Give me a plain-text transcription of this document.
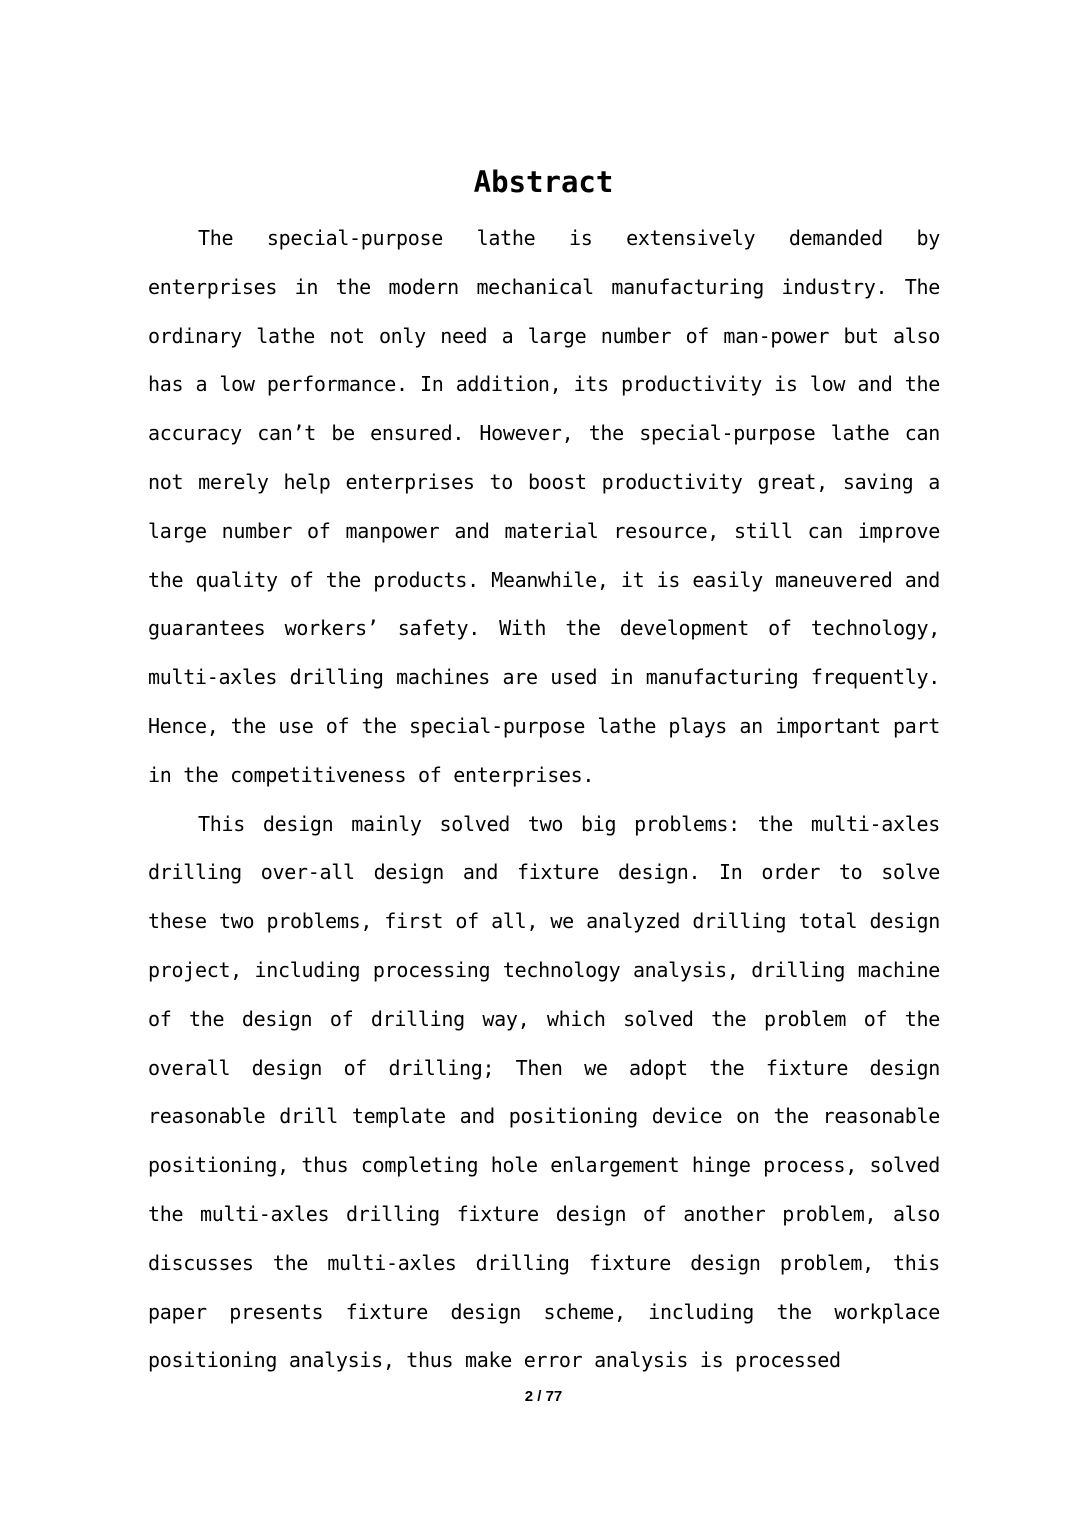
Abstract

The special-purpose lathe is extensively demanded by enterprises in the modern mechanical manufacturing industry. The ordinary lathe not only need a large number of man-power but also has a low performance. In addition, its productivity is low and the accuracy can’t be ensured. However, the special-purpose lathe can not merely help enterprises to boost productivity great, saving a large number of manpower and material resource, still can improve the quality of the products. Meanwhile, it is easily maneuvered and guarantees workers’ safety. With the development of technology, multi-axles drilling machines are used in manufacturing frequently. Hence, the use of the special-purpose lathe plays an important part in the competitiveness of enterprises.

This design mainly solved two big problems: the multi-axles drilling over-all design and fixture design. In order to solve these two problems, first of all, we analyzed drilling total design project, including processing technology analysis, drilling machine of the design of drilling way, which solved the problem of the overall design of drilling; Then we adopt the fixture design reasonable drill template and positioning device on the reasonable positioning, thus completing hole enlargement hinge process, solved the multi-axles drilling fixture design of another problem, also discusses the multi-axles drilling fixture design problem, this paper presents fixture design scheme, including the workplace positioning analysis, thus make error analysis is processed

2 / 77
